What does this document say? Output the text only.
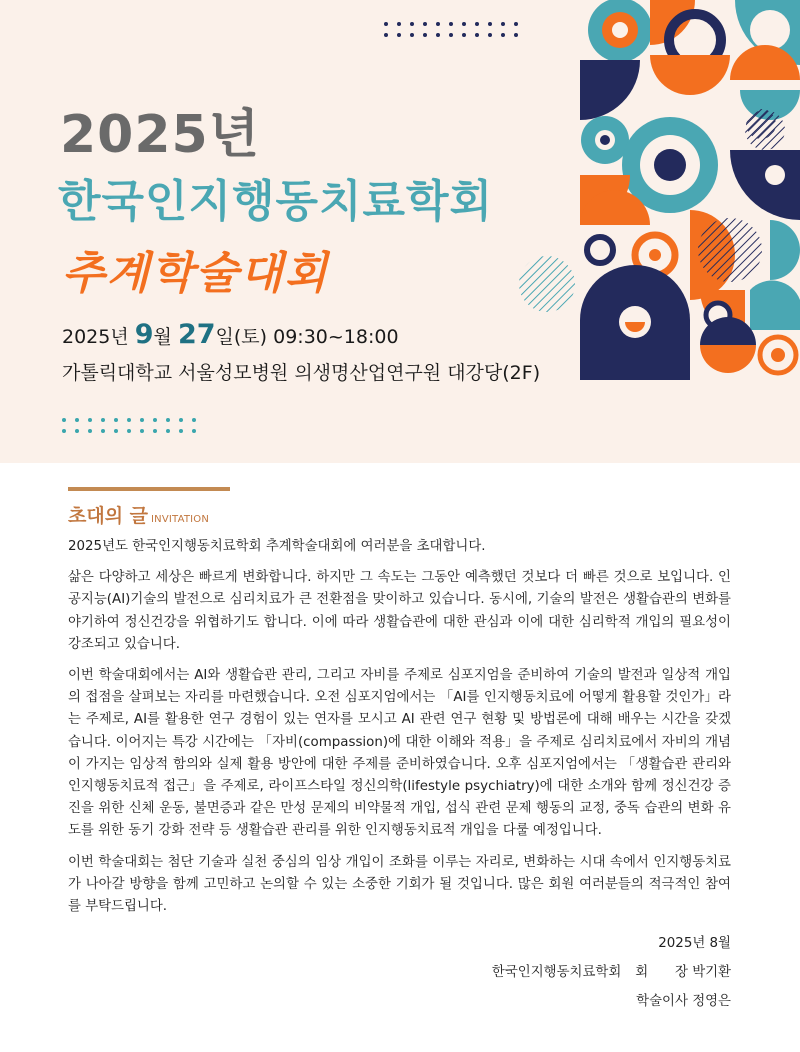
2025년
한국인지행동치료학회
추계학술대회
2025년 9월 27일(토) 09:30~18:00
가톨릭대학교 서울성모병원 의생명산업연구원 대강당(2F)
초대의 글 INVITATION

2025년도 한국인지행동치료학회 추계학술대회에 여러분을 초대합니다.

삶은 다양하고 세상은 빠르게 변화합니다. 하지만 그 속도는 그동안 예측했던 것보다 더 빠른 것으로 보입니다. 인공지능(AI)기술의 발전으로 심리치료가 큰 전환점을 맞이하고 있습니다. 동시에, 기술의 발전은 생활습관의 변화를 야기하여 정신건강을 위협하기도 합니다. 이에 따라 생활습관에 대한 관심과 이에 대한 심리학적 개입의 필요성이 강조되고 있습니다.

이번 학술대회에서는 AI와 생활습관 관리, 그리고 자비를 주제로 심포지엄을 준비하여 기술의 발전과 일상적 개입의 접점을 살펴보는 자리를 마련했습니다. 오전 심포지엄에서는 「AI를 인지행동치료에 어떻게 활용할 것인가」라는 주제로, AI를 활용한 연구 경험이 있는 연자를 모시고 AI 관련 연구 현황 및 방법론에 대해 배우는 시간을 갖겠습니다. 이어지는 특강 시간에는 「자비(compassion)에 대한 이해와 적용」을 주제로 심리치료에서 자비의 개념이 가지는 임상적 함의와 실제 활용 방안에 대한 주제를 준비하였습니다. 오후 심포지엄에서는 「생활습관 관리와 인지행동치료적 접근」을 주제로, 라이프스타일 정신의학(lifestyle psychiatry)에 대한 소개와 함께 정신건강 증진을 위한 신체 운동, 불면증과 같은 만성 문제의 비약물적 개입, 섭식 관련 문제 행동의 교정, 중독 습관의 변화 유도를 위한 동기 강화 전략 등 생활습관 관리를 위한 인지행동치료적 개입을 다룰 예정입니다.

이번 학술대회는 첨단 기술과 실천 중심의 임상 개입이 조화를 이루는 자리로, 변화하는 시대 속에서 인지행동치료가 나아갈 방향을 함께 고민하고 논의할 수 있는 소중한 기회가 될 것입니다. 많은 회원 여러분들의 적극적인 참여를 부탁드립니다.

2025년 8월
한국인지행동치료학회 회　　장 박기환
학술이사 정영은
